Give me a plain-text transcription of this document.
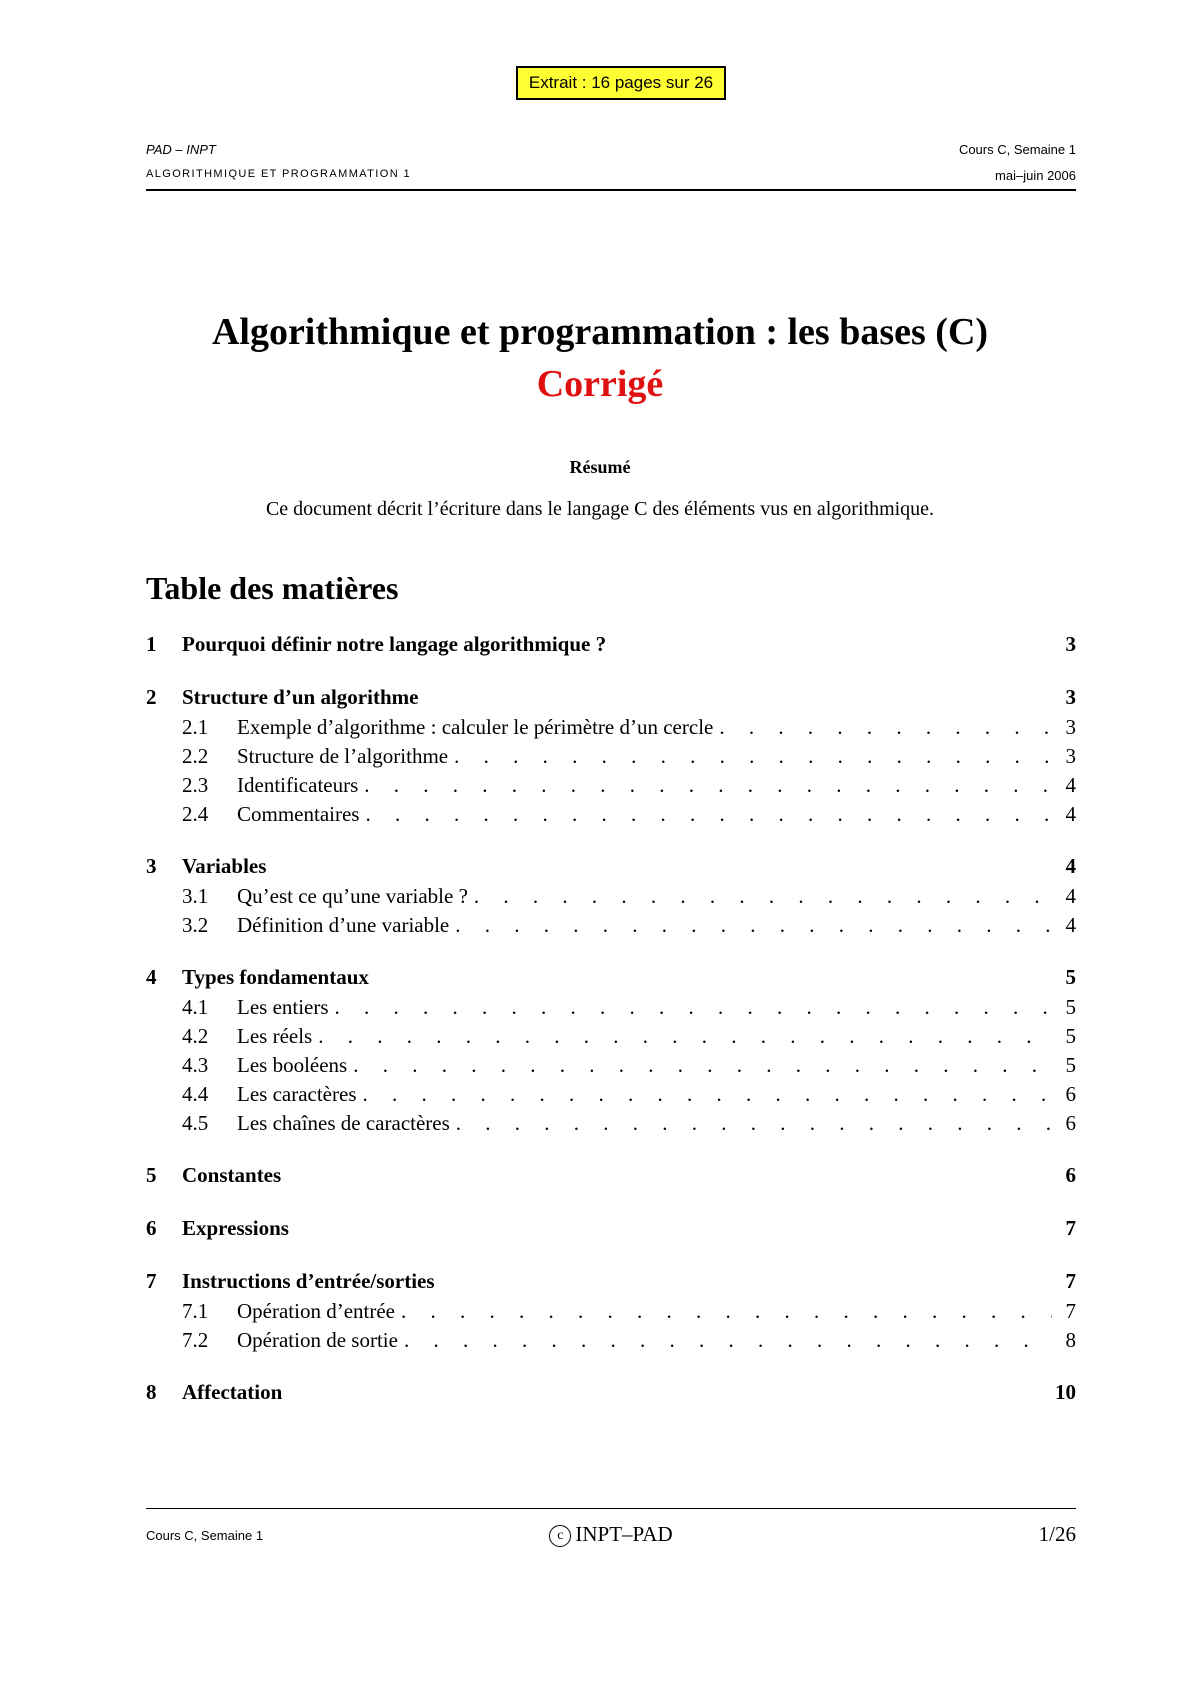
Extrait : 16 pages sur 26
PAD – INPT	Cours C, Semaine 1
ALGORITHMIQUE ET PROGRAMMATION 1	mai–juin 2006
Algorithmique et programmation : les bases (C)
Corrigé
Résumé
Ce document décrit l’écriture dans le langage C des éléments vus en algorithmique.
Table des matières
1	Pourquoi définir notre langage algorithmique ?	3
2	Structure d’un algorithme	3
2.1	Exemple d’algorithme : calculer le périmètre d’un cercle . . .	3
2.2	Structure de l’algorithme . . .	3
2.3	Identificateurs . . .	4
2.4	Commentaires . . .	4
3	Variables	4
3.1	Qu’est ce qu’une variable ? . . .	4
3.2	Définition d’une variable . . .	4
4	Types fondamentaux	5
4.1	Les entiers . . .	5
4.2	Les réels . . .	5
4.3	Les booléens . . .	5
4.4	Les caractères . . .	6
4.5	Les chaînes de caractères . . .	6
5	Constantes	6
6	Expressions	7
7	Instructions d’entrée/sorties	7
7.1	Opération d’entrée . . .	7
7.2	Opération de sortie . . .	8
8	Affectation	10
Cours C, Semaine 1	c INPT–PAD	1/26
